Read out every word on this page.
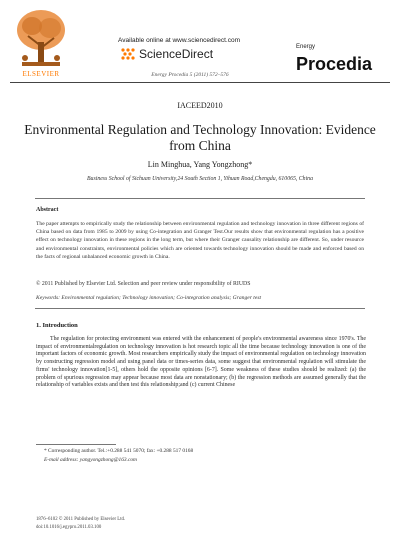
ELSEVIER
Available online at www.sciencedirect.com
ScienceDirect
Energy Procedia 5 (2011) 572–576
Energy
Procedia
IACEED2010
Environmental Regulation and Technology Innovation: Evidence from China
Lin Minghua, Yang Yongzhong*
Business School of Sichuan University,24 South Section 1, Yihuan Road,Chengdu, 610065, China
Abstract
The paper attempts to empirically study the relationship between environmental regulation and technology innovation in three different regions of China based on data from 1985 to 2009 by using Co-integration and Granger Test.Our results show that environmental regulation has a positive effect on technology innovation in these regions in the long term, but where their Granger causality relationship are different. So, under resource and environmental constraints, environmental policies which are oriented towards technology innovation should be made and enforced based on the facts of regional unbalanced economic growth in China.
© 2011 Published by Elsevier Ltd. Selection and peer review under responsibility of RIUDS
Keywords: Environmental regulation; Technology innovation; Co-integration analysis; Granger test
1. Introduction
The regulation for protecting environment was entered with the enhancement of people's environmental awareness since 1970's. The impact of environmentalregulation on technology innovation is hot research topic all the time because technology innovation is one of the important factors of economic growth. Most researchers empirically study the impact of environmental regulation on technology innovation by constructing regression model and using panel data or times-series data, some suggest that environmental regulation will stimulate the firms' technology innovation[1-5], others hold the opposite opinions [6-7]. Some weakness of these studies should be realized: (a) the problem of spurious regression may appear because most data are nonstationary; (b) the regression methods are assumed generally that the relationship of variables exists and then test this relationship;and (c) current Chinese
* Corresponding author. Tel.:+0.288 541 5070; fax: +0.288 517 0168
E-mail address: yangyongzhong@163.com
1876–6102 © 2011 Published by Elsevier Ltd.
doi:10.1016/j.egypro.2011.03.100
